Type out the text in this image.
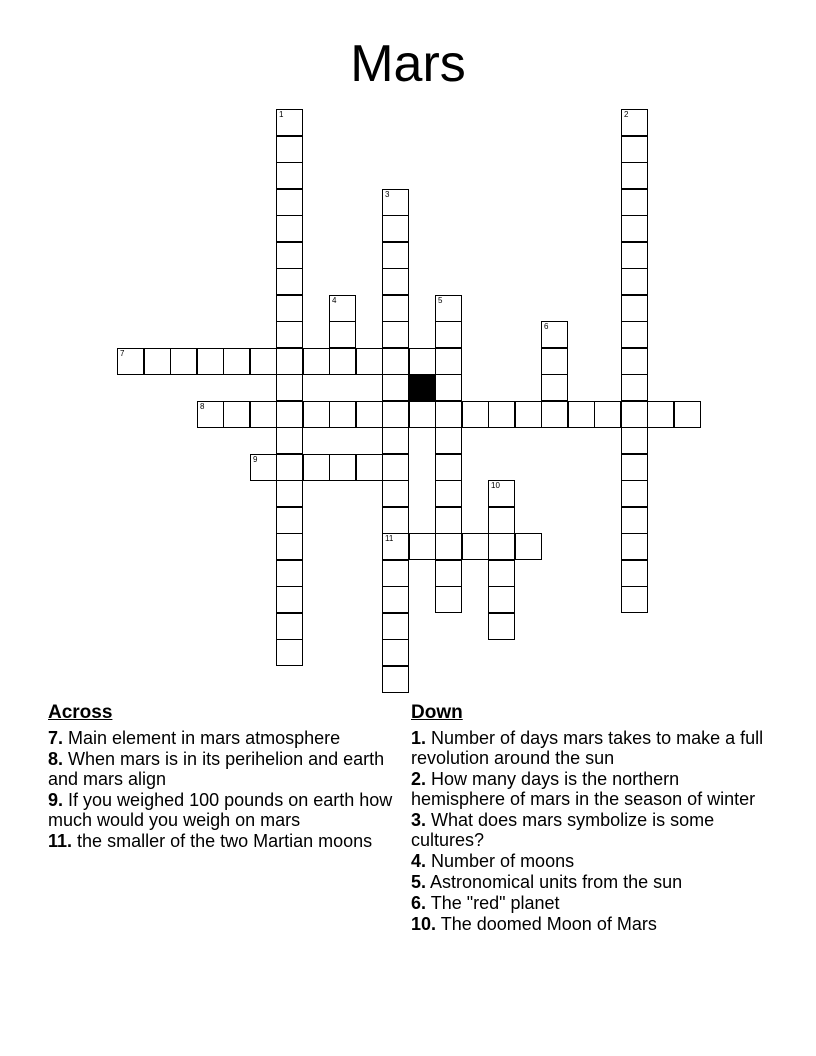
Mars
1	2
3
11
4	5
6
7
8
9
10
Across

7. Main element in mars atmosphere

8. When mars is in its perihelion and earth and mars align

9. If you weighed 100 pounds on earth how much would you weigh on mars

11. the smaller of the two Martian moons

Down

1. Number of days mars takes to make a full revolution around the sun

2. How many days is the northern hemisphere of mars in the season of winter

3. What does mars symbolize is some cultures?

4. Number of moons

5. Astronomical units from the sun

6. The "red" planet

10. The doomed Moon of Mars
